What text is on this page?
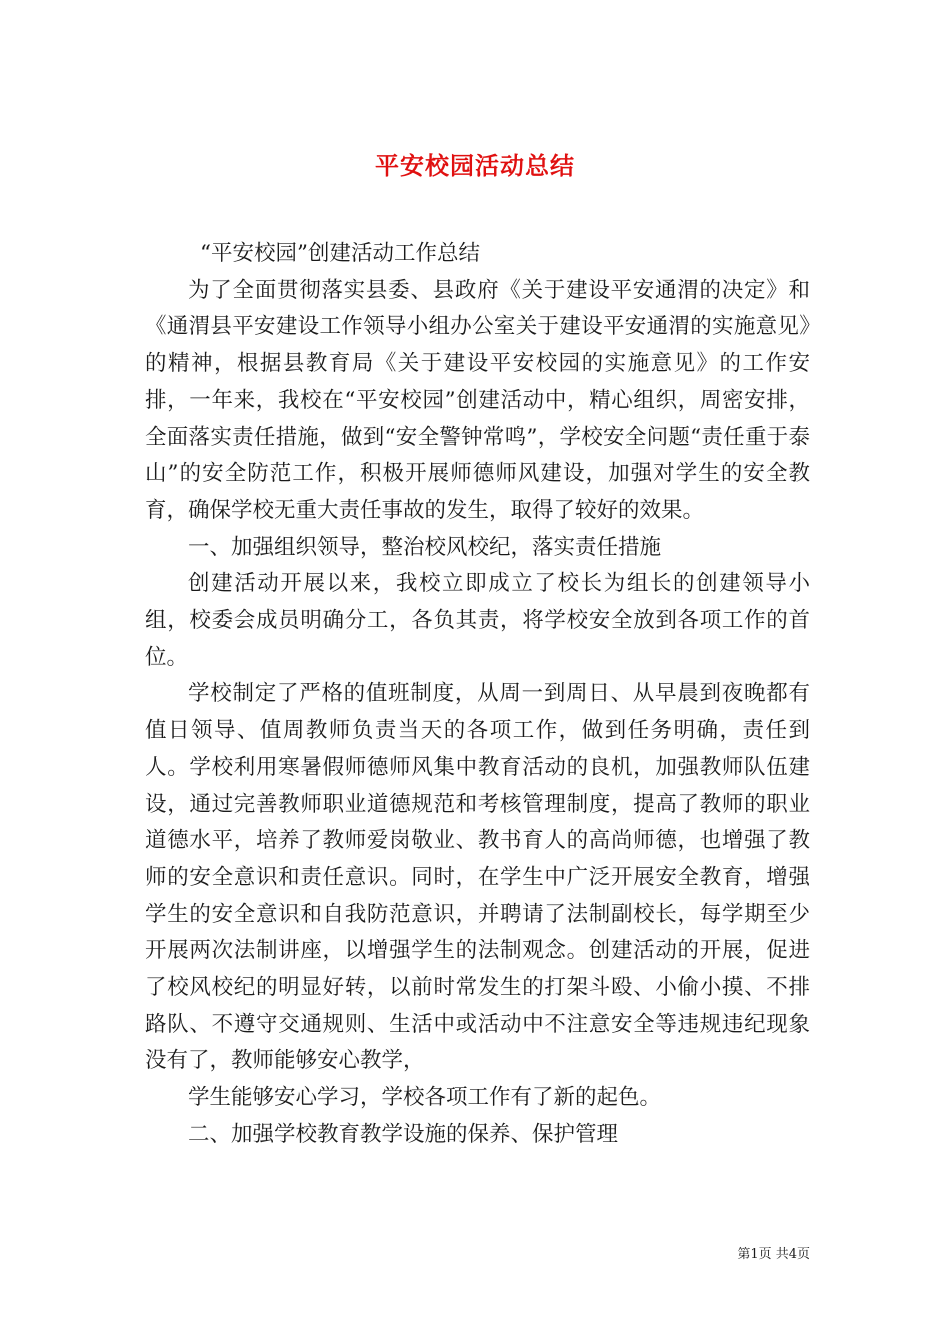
平安校园活动总结

“平安校园”创建活动工作总结

为了全面贯彻落实县委、县政府《关于建设平安通渭的决定》和《通渭县平安建设工作领导小组办公室关于建设平安通渭的实施意见》的精神，根据县教育局《关于建设平安校园的实施意见》的工作安排，一年来，我校在“平安校园”创建活动中，精心组织，周密安排，全面落实责任措施，做到“安全警钟常鸣”，学校安全问题“责任重于泰山”的安全防范工作，积极开展师德师风建设，加强对学生的安全教育，确保学校无重大责任事故的发生，取得了较好的效果。

一、加强组织领导，整治校风校纪，落实责任措施

创建活动开展以来，我校立即成立了校长为组长的创建领导小组，校委会成员明确分工，各负其责，将学校安全放到各项工作的首位。

学校制定了严格的值班制度，从周一到周日、从早晨到夜晚都有值日领导、值周教师负责当天的各项工作，做到任务明确，责任到人。学校利用寒暑假师德师风集中教育活动的良机，加强教师队伍建设，通过完善教师职业道德规范和考核管理制度，提高了教师的职业道德水平，培养了教师爱岗敬业、教书育人的高尚师德，也增强了教师的安全意识和责任意识。同时，在学生中广泛开展安全教育，增强学生的安全意识和自我防范意识，并聘请了法制副校长，每学期至少开展两次法制讲座，以增强学生的法制观念。创建活动的开展，促进了校风校纪的明显好转，以前时常发生的打架斗殴、小偷小摸、不排路队、不遵守交通规则、生活中或活动中不注意安全等违规违纪现象没有了，教师能够安心教学，

学生能够安心学习，学校各项工作有了新的起色。

二、加强学校教育教学设施的保养、保护管理

第1页 共4页
